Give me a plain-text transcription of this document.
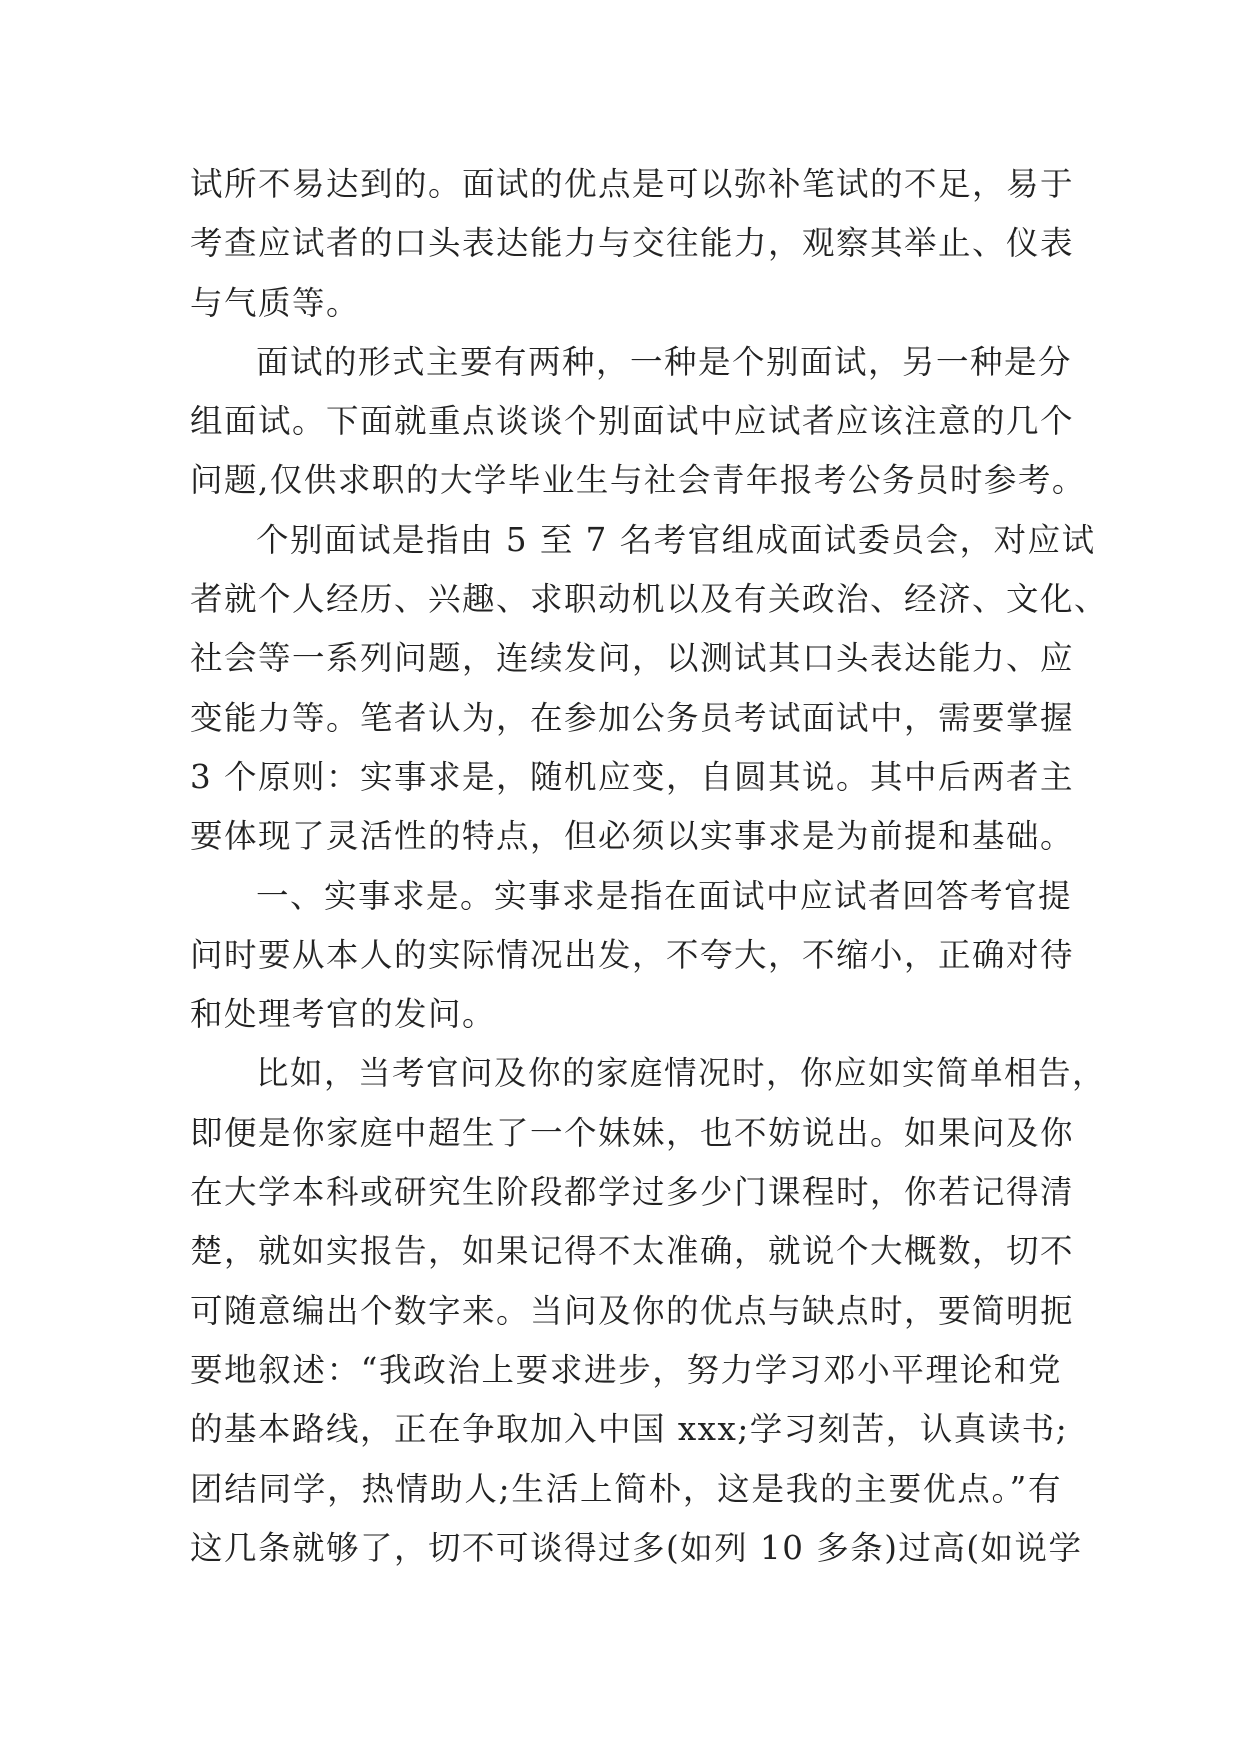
试所不易达到的。面试的优点是可以弥补笔试的不足，易于
考查应试者的口头表达能力与交往能力，观察其举止、仪表
与气质等。
面试的形式主要有两种，一种是个别面试，另一种是分
组面试。下面就重点谈谈个别面试中应试者应该注意的几个
问题,仅供求职的大学毕业生与社会青年报考公务员时参考。
个别面试是指由 5 至 7 名考官组成面试委员会，对应试
者就个人经历、兴趣、求职动机以及有关政治、经济、文化、
社会等一系列问题，连续发问，以测试其口头表达能力、应
变能力等。笔者认为，在参加公务员考试面试中，需要掌握
3 个原则：实事求是，随机应变，自圆其说。其中后两者主
要体现了灵活性的特点，但必须以实事求是为前提和基础。
一、实事求是。实事求是指在面试中应试者回答考官提
问时要从本人的实际情况出发，不夸大，不缩小，正确对待
和处理考官的发问。
比如，当考官问及你的家庭情况时，你应如实简单相告，
即便是你家庭中超生了一个妹妹，也不妨说出。如果问及你
在大学本科或研究生阶段都学过多少门课程时，你若记得清
楚，就如实报告，如果记得不太准确，就说个大概数，切不
可随意编出个数字来。当问及你的优点与缺点时，要简明扼
要地叙述：“我政治上要求进步，努力学习邓小平理论和党
的基本路线，正在争取加入中国 xxx;学习刻苦，认真读书;
团结同学，热情助人;生活上简朴，这是我的主要优点。”有
这几条就够了，切不可谈得过多(如列 10 多条)过高(如说学
